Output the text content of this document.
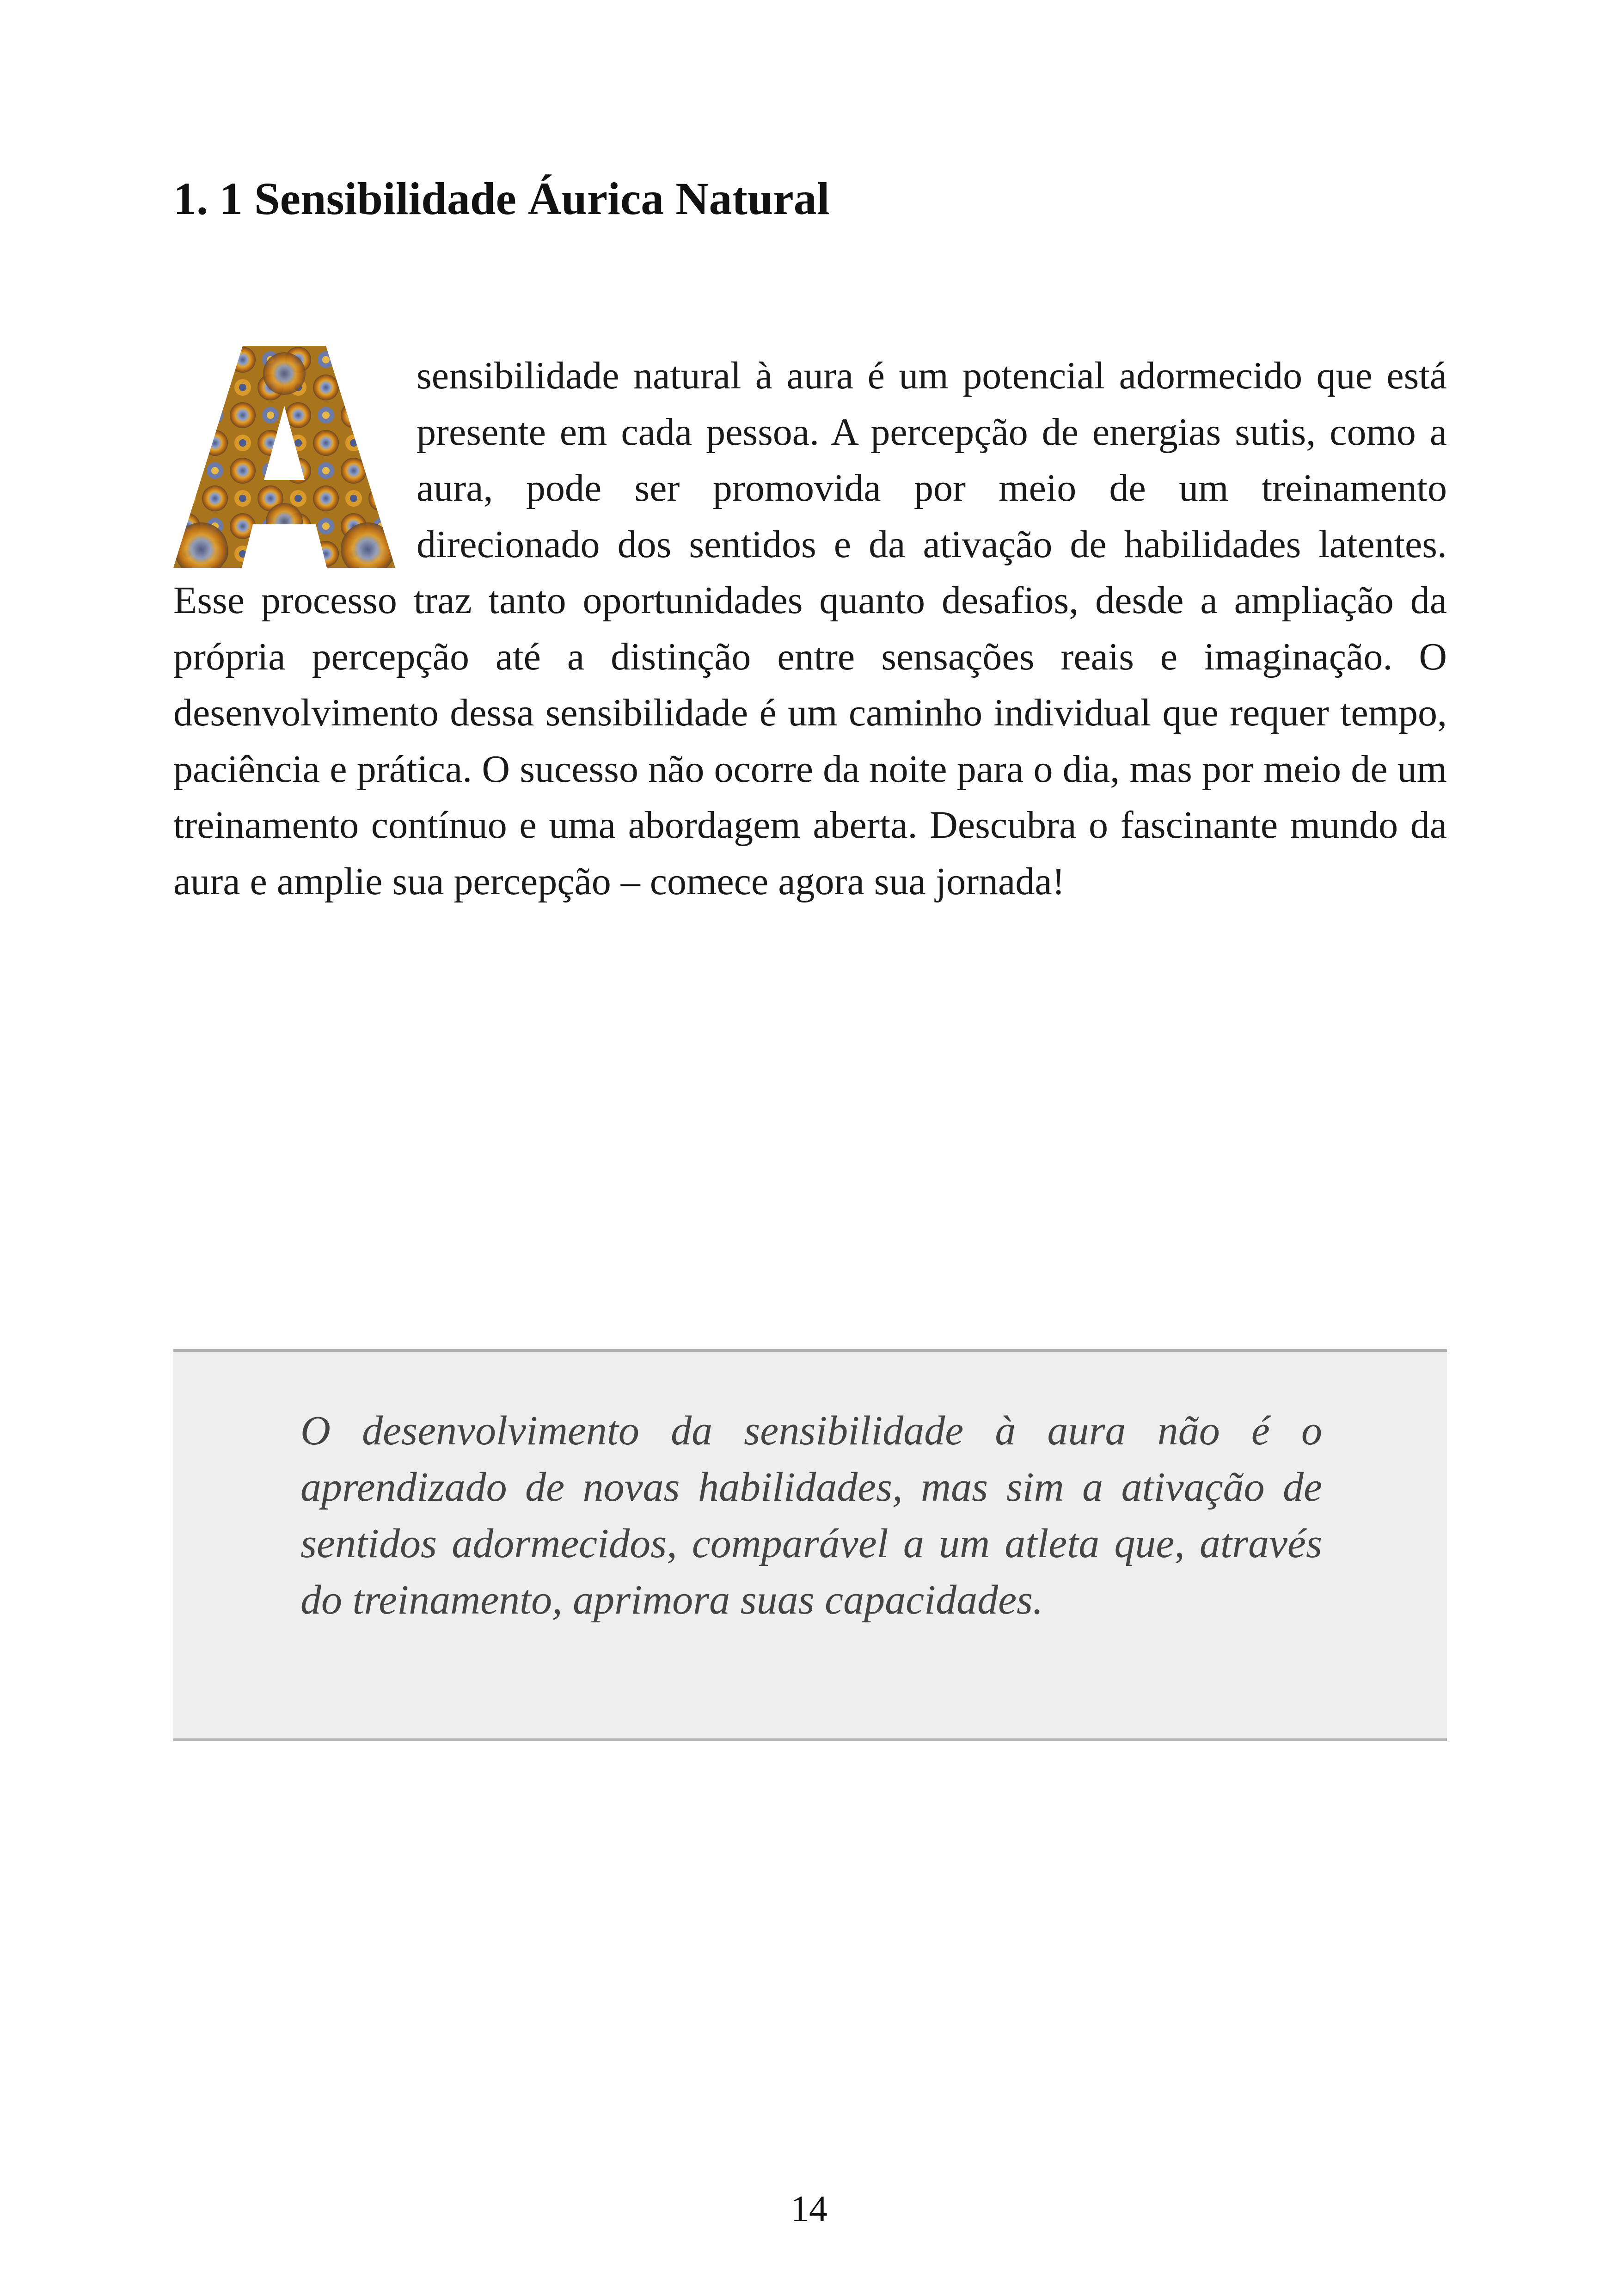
1. 1 Sensibilidade Áurica Natural

sensibilidade natural à aura é um potencial adormecido que está presente em cada pessoa. A percepção de energias sutis, como a aura, pode ser promovida por meio de um treinamento direcionado dos sentidos e da ativação de habilidades latentes. Esse processo traz tanto oportunidades quanto desafios, desde a ampliação da própria percepção até a distinção entre sensações reais e imaginação. O desenvolvimento dessa sensibilidade é um caminho individual que requer tempo, paciência e prática. O sucesso não ocorre da noite para o dia, mas por meio de um treinamento contínuo e uma abordagem aberta. Descubra o fascinante mundo da aura e amplie sua percepção – comece agora sua jornada!

O desenvolvimento da sensibilidade à aura não é o aprendizado de novas habilidades, mas sim a ativação de sentidos adormecidos, comparável a um atleta que, através do treinamento, aprimora suas capacidades.

14
